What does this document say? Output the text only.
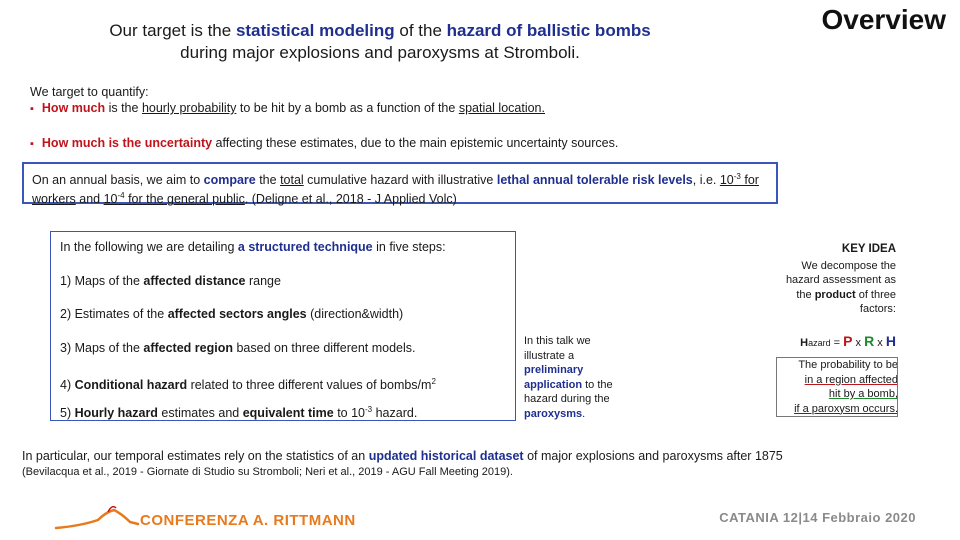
Our target is the statistical modeling of the hazard of ballistic bombs
during major explosions and paroxysms at Stromboli.
Overview
We target to quantify:
▪ How much is the hourly probability to be hit by a bomb as a function of the spatial location.
▪ How much is the uncertainty affecting these estimates, due to the main epistemic uncertainty sources.
On an annual basis, we aim to compare the total cumulative hazard with illustrative lethal annual tolerable risk levels, i.e. $10^{-3}$ for workers and $10^{-4}$ for the general public. (Deligne et al., 2018 - J Applied Volc)
In the following we are detailing a structured technique in five steps:
1) Maps of the affected distance range
2) Estimates of the affected sectors angles (direction&width)
3) Maps of the affected region based on three different models.
4) Conditional hazard related to three different values of bombs/$m^2$
5) Hourly hazard estimates and equivalent time to $10^{-3}$ hazard.
In this talk we illustrate a preliminary application to the hazard during the paroxysms.
KEY IDEA
We decompose the hazard assessment as the product of three factors:
Hazard = P x R x H
The probability to be
in a region affected
hit by a bomb,
if a paroxysm occurs.
In particular, our temporal estimates rely on the statistics of an updated historical dataset of major explosions and paroxysms after 1875
(Bevilacqua et al., 2019 - Giornate di Studio su Stromboli; Neri et al., 2019 - AGU Fall Meeting 2019).
CONFERENZA A. RITTMANN	CATANIA 12|14 Febbraio 2020
